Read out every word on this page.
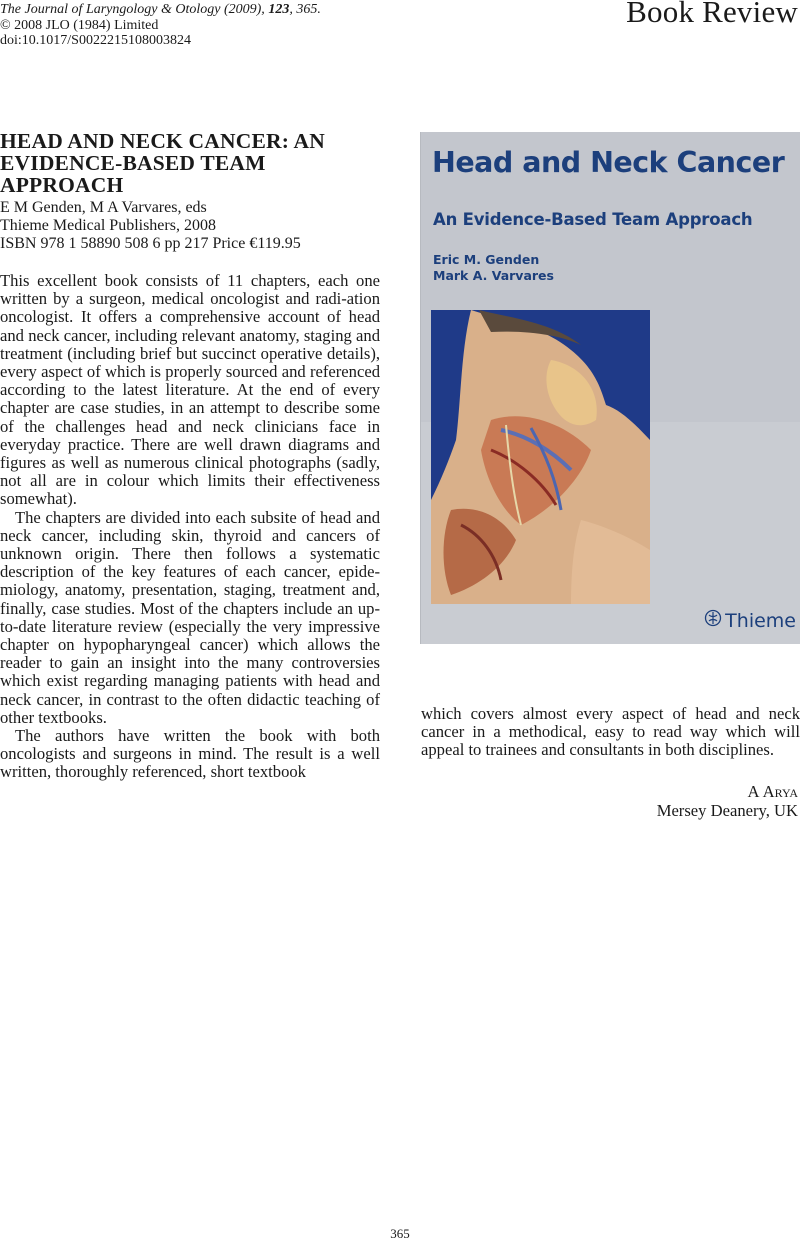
The Journal of Laryngology & Otology (2009), 123, 365.
© 2008 JLO (1984) Limited
doi:10.1017/S0022215108003824
Book Review
HEAD AND NECK CANCER: AN
EVIDENCE-BASED TEAM
APPROACH
E M Genden, M A Varvares, eds
Thieme Medical Publishers, 2008
ISBN 978 1 58890 508 6 pp 217 Price €119.95

This excellent book consists of 11 chapters, each one written by a surgeon, medical oncologist and radi-ation oncologist. It offers a comprehensive account of head and neck cancer, including relevant anatomy, staging and treatment (including brief but succinct operative details), every aspect of which is properly sourced and referenced according to the latest literature. At the end of every chapter are case studies, in an attempt to describe some of the challenges head and neck clinicians face in everyday practice. There are well drawn diagrams and figures as well as numerous clinical photographs (sadly, not all are in colour which limits their effectiveness somewhat).

The chapters are divided into each subsite of head and neck cancer, including skin, thyroid and cancers of unknown origin. There then follows a systematic description of the key features of each cancer, epide-miology, anatomy, presentation, staging, treatment and, finally, case studies. Most of the chapters include an up-to-date literature review (especially the very impressive chapter on hypopharyngeal cancer) which allows the reader to gain an insight into the many controversies which exist regarding managing patients with head and neck cancer, in contrast to the often didactic teaching of other textbooks.

The authors have written the book with both oncologists and surgeons in mind. The result is a well written, thoroughly referenced, short textbook

Head and Neck Cancer
An Evidence-Based Team Approach
Eric M. Genden
Mark A. Varvares
Thieme

which covers almost every aspect of head and neck cancer in a methodical, easy to read way which will appeal to trainees and consultants in both disciplines.

A Arya
Mersey Deanery, UK
365
